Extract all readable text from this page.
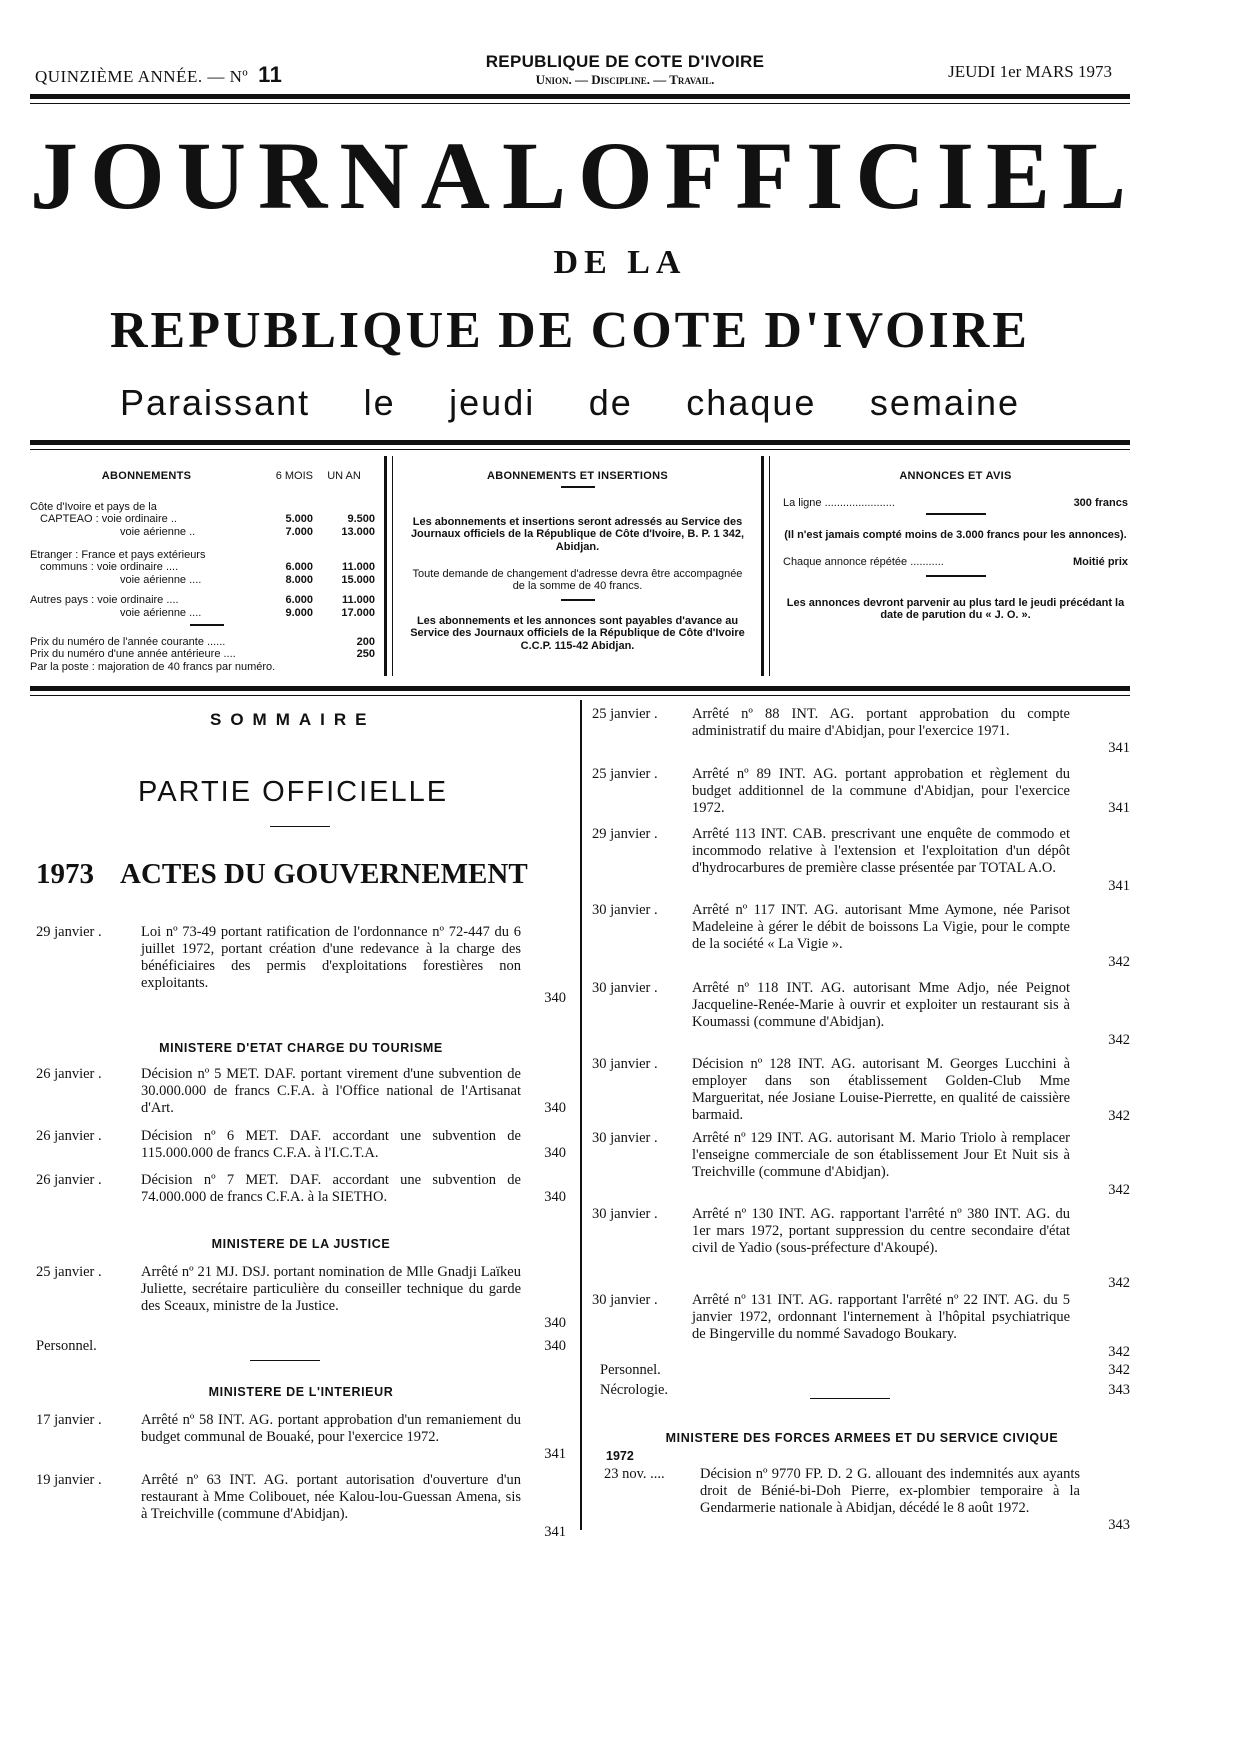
QUINZIÈME ANNÉE. — Nº 11
REPUBLIQUE DE COTE D'IVOIRE
Union. — Discipline. — Travail.	JEUDI 1er MARS 1973
JOURNAL OFFICIEL
DE LA
REPUBLIQUE DE COTE D'IVOIRE
Paraissant le jeudi de chaque semaine
ABONNEMENTS	6 MOIS	UN AN
Côte d'Ivoire et pays de la
CAPTEAO : voie ordinaire ..	5.000	9.500
voie aérienne ..	7.000	13.000
Etranger : France et pays extérieurs
communs : voie ordinaire ....	6.000	11.000
voie aérienne ....	8.000	15.000
Autres pays : voie ordinaire ....	6.000	11.000
voie aérienne ....	9.000	17.000
Prix du numéro de l'année courante ......	200
Prix du numéro d'une année antérieure ....	250
Par la poste : majoration de 40 francs par numéro.
ABONNEMENTS ET INSERTIONS
Les abonnements et insertions seront adressés au Service des Journaux officiels de la République de Côte d'Ivoire, B. P. 1 342, Abidjan.
Toute demande de changement d'adresse devra être accompagnée de la somme de 40 francs.
Les abonnements et les annonces sont payables d'avance au Service des Journaux officiels de la République de Côte d'Ivoire C.C.P. 115-42 Abidjan.
ANNONCES ET AVIS
La ligne .......................	300 francs
(Il n'est jamais compté moins de 3.000 francs pour les annonces).
Chaque annonce répétée ...........	Moitié prix
Les annonces devront parvenir au plus tard le jeudi précédant la date de parution du « J. O. ».
SOMMAIRE
PARTIE OFFICIELLE
1973 ACTES DU GOUVERNEMENT
29 janvier .	Loi nº 73-49 portant ratification de l'ordonnance nº 72-447 du 6 juillet 1972, portant création d'une redevance à la charge des bénéficiaires des permis d'exploitations forestières non exploitants.
340
MINISTERE D'ETAT CHARGE DU TOURISME
26 janvier .	Décision nº 5 MET. DAF. portant virement d'une subvention de 30.000.000 de francs C.F.A. à l'Office national de l'Artisanat d'Art.	340
26 janvier .	Décision nº 6 MET. DAF. accordant une subvention de 115.000.000 de francs C.F.A. à l'I.C.T.A.	340
26 janvier .	Décision nº 7 MET. DAF. accordant une subvention de 74.000.000 de francs C.F.A. à la SIETHO.	340
MINISTERE DE LA JUSTICE
25 janvier .	Arrêté nº 21 MJ. DSJ. portant nomination de Mlle Gnadji Laïkeu Juliette, secrétaire particulière du conseiller technique du garde des Sceaux, ministre de la Justice.
340
Personnel.	340
MINISTERE DE L'INTERIEUR
17 janvier .	Arrêté nº 58 INT. AG. portant approbation d'un remaniement du budget communal de Bouaké, pour l'exercice 1972.
341
19 janvier .	Arrêté nº 63 INT. AG. portant autorisation d'ouverture d'un restaurant à Mme Colibouet, née Kalou-lou-Guessan Amena, sis à Treichville (commune d'Abidjan).
341
25 janvier . Arrêté nº 88 INT. AG. portant approbation du compte administratif du maire d'Abidjan, pour l'exercice 1971.
341
25 janvier . Arrêté nº 89 INT. AG. portant approbation et règlement du budget additionnel de la commune d'Abidjan, pour l'exercice 1972.	341
29 janvier . Arrêté 113 INT. CAB. prescrivant une enquête de commodo et incommodo relative à l'extension et l'exploitation d'un dépôt d'hydrocarbures de première classe présentée par TOTAL A.O.
341
30 janvier . Arrêté nº 117 INT. AG. autorisant Mme Aymone, née Parisot Madeleine à gérer le débit de boissons La Vigie, pour le compte de la société « La Vigie ».
342
30 janvier . Arrêté nº 118 INT. AG. autorisant Mme Adjo, née Peignot Jacqueline-Renée-Marie à ouvrir et exploiter un restaurant sis à Koumassi (commune d'Abidjan).
342
30 janvier . Décision nº 128 INT. AG. autorisant M. Georges Lucchini à employer dans son établissement Golden-Club Mme Margueritat, née Josiane Louise-Pierrette, en qualité de caissière barmaid.	342
30 janvier . Arrêté nº 129 INT. AG. autorisant M. Mario Triolo à remplacer l'enseigne commerciale de son établissement Jour Et Nuit sis à Treichville (commune d'Abidjan).
342
30 janvier . Arrêté nº 130 INT. AG. rapportant l'arrêté nº 380 INT. AG. du 1er mars 1972, portant suppression du centre secondaire d'état civil de Yadio (sous-préfecture d'Akoupé).
342
30 janvier . Arrêté nº 131 INT. AG. rapportant l'arrêté nº 22 INT. AG. du 5 janvier 1972, ordonnant l'internement à l'hôpital psychiatrique de Bingerville du nommé Savadogo Boukary.
342
Personnel.	342
Nécrologie.	343
MINISTERE DES FORCES ARMEES ET DU SERVICE CIVIQUE
1972
23 nov. .... Décision nº 9770 FP. D. 2 G. allouant des indemnités aux ayants droit de Bénié-bi-Doh Pierre, ex-plombier temporaire à la Gendarmerie nationale à Abidjan, décédé le 8 août 1972.
343
